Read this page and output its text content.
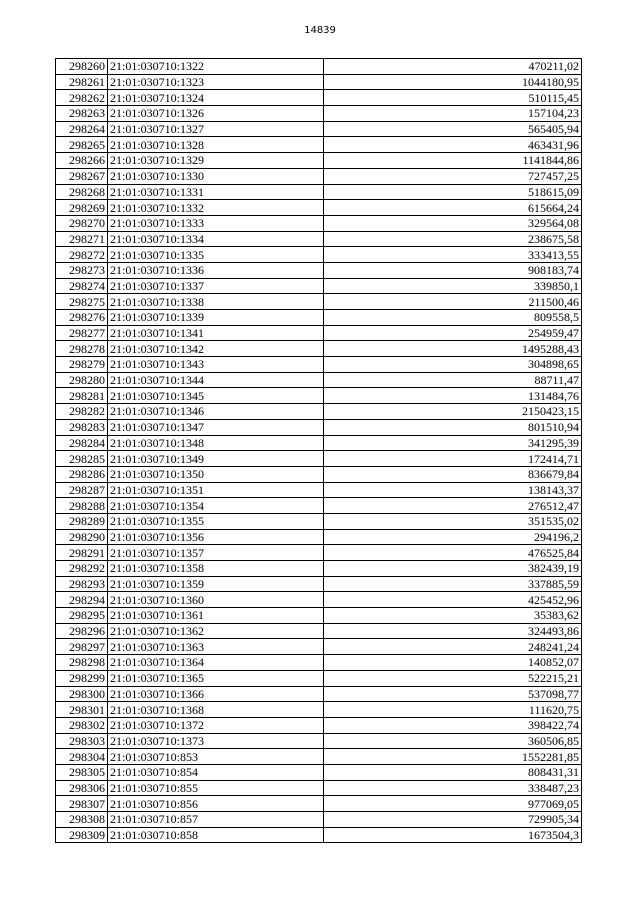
14839
298260	21:01:030710:1322	470211,02
298261	21:01:030710:1323	1044180,95
298262	21:01:030710:1324	510115,45
298263	21:01:030710:1326	157104,23
298264	21:01:030710:1327	565405,94
298265	21:01:030710:1328	463431,96
298266	21:01:030710:1329	1141844,86
298267	21:01:030710:1330	727457,25
298268	21:01:030710:1331	518615,09
298269	21:01:030710:1332	615664,24
298270	21:01:030710:1333	329564,08
298271	21:01:030710:1334	238675,58
298272	21:01:030710:1335	333413,55
298273	21:01:030710:1336	908183,74
298274	21:01:030710:1337	339850,1
298275	21:01:030710:1338	211500,46
298276	21:01:030710:1339	809558,5
298277	21:01:030710:1341	254959,47
298278	21:01:030710:1342	1495288,43
298279	21:01:030710:1343	304898,65
298280	21:01:030710:1344	88711,47
298281	21:01:030710:1345	131484,76
298282	21:01:030710:1346	2150423,15
298283	21:01:030710:1347	801510,94
298284	21:01:030710:1348	341295,39
298285	21:01:030710:1349	172414,71
298286	21:01:030710:1350	836679,84
298287	21:01:030710:1351	138143,37
298288	21:01:030710:1354	276512,47
298289	21:01:030710:1355	351535,02
298290	21:01:030710:1356	294196,2
298291	21:01:030710:1357	476525,84
298292	21:01:030710:1358	382439,19
298293	21:01:030710:1359	337885,59
298294	21:01:030710:1360	425452,96
298295	21:01:030710:1361	35383,62
298296	21:01:030710:1362	324493,86
298297	21:01:030710:1363	248241,24
298298	21:01:030710:1364	140852,07
298299	21:01:030710:1365	522215,21
298300	21:01:030710:1366	537098,77
298301	21:01:030710:1368	111620,75
298302	21:01:030710:1372	398422,74
298303	21:01:030710:1373	360506,85
298304	21:01:030710:853	1552281,85
298305	21:01:030710:854	808431,31
298306	21:01:030710:855	338487,23
298307	21:01:030710:856	977069,05
298308	21:01:030710:857	729905,34
298309	21:01:030710:858	1673504,3
